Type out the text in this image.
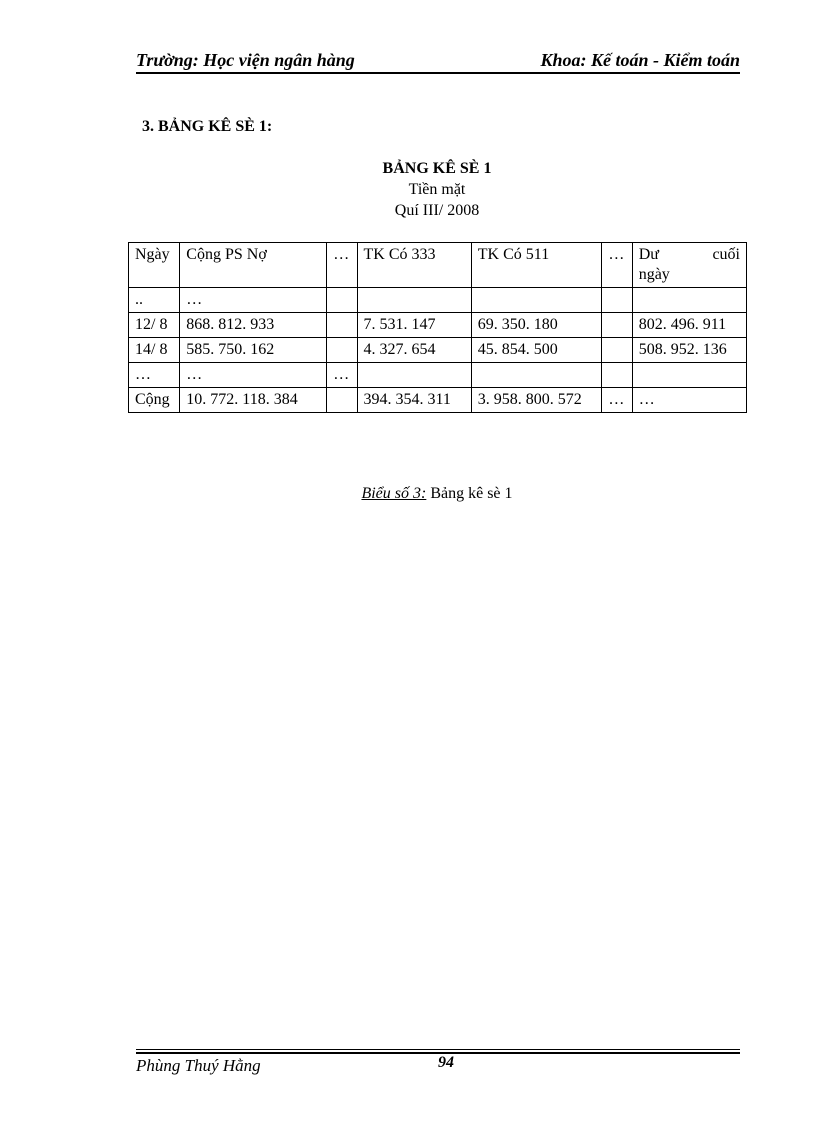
Trường: Học viện ngân hàng	Khoa: Kế toán - Kiểm toán
3. BẢNG KÊ SÈ 1:
BẢNG KÊ SÈ 1
Tiền mặt
Quí III/ 2008
Ngày	Cộng PS Nợ	…	TK Có 333	TK Có 511	…	Dư cuối
ngày

..	…					
12/ 8	868. 812. 933		7. 531. 147	69. 350. 180		802. 496. 911
14/ 8	585. 750. 162		4. 327. 654	45. 854. 500		508. 952. 136
…	…	…				
Cộng	10. 772. 118. 384		394. 354. 311	3. 958. 800. 572	…	…
Biểu số 3: Bảng kê sè 1
Phùng Thuý Hằng	94
